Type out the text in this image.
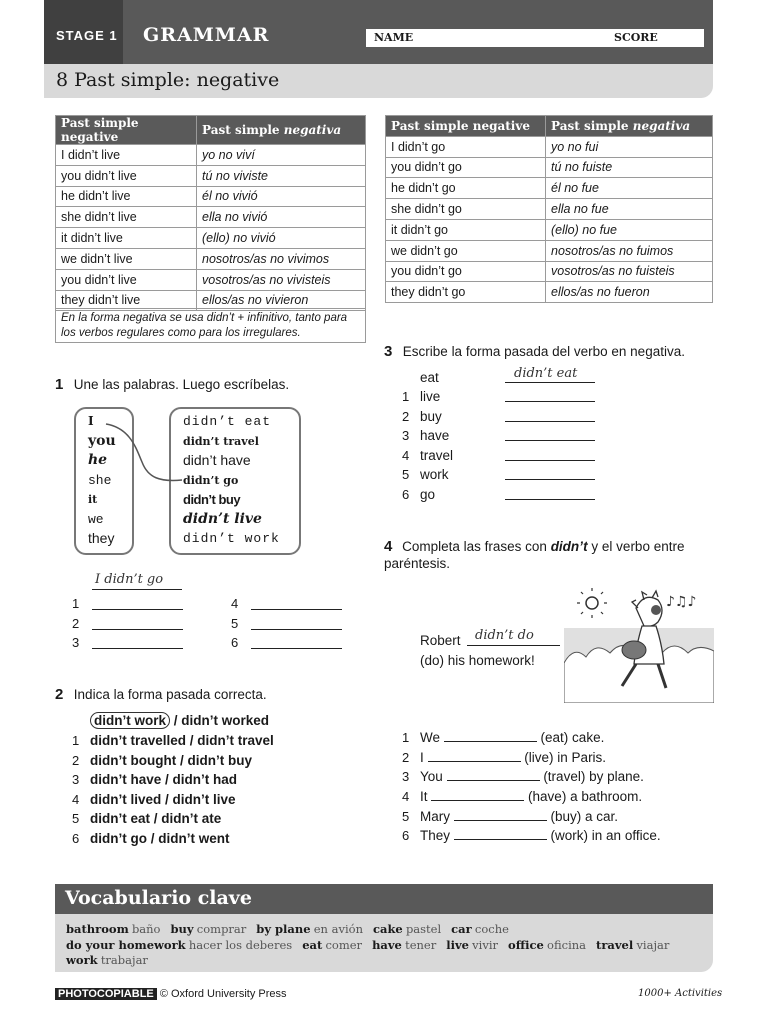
STAGE 1 GRAMMAR	NAME	SCORE
8 Past simple: negative
Past simple negative	Past simple negativa
I didn’t live	yo no viví
you didn’t live	tú no viviste
he didn’t live	él no vivió
she didn’t live	ella no vivió
it didn’t live	(ello) no vivió
we didn’t live	nosotros/as no vivimos
you didn’t live	vosotros/as no vivisteis
they didn’t live	ellos/as no vivieron
Past simple negative	Past simple negativa
I didn’t go	yo no fui
you didn’t go	tú no fuiste
he didn’t go	él no fue
she didn’t go	ella no fue
it didn’t go	(ello) no fue
we didn’t go	nosotros/as no fuimos
you didn’t go	vosotros/as no fuisteis
they didn’t go	ellos/as no fueron
En la forma negativa se usa didn’t + infinitivo, tanto para los verbos regulares como para los irregulares.
1 Une las palabras. Luego escríbelas.
I
you
he
she
it
we
they
didn’t eat
didn’t travel
didn’t have
didn’t go
didn’t buy
didn’t live
didn’t work
I didn’t go
1
2
3
4
5
6
2 Indica la forma pasada correcta.
didn’t work / didn’t worked
1 didn’t travelled / didn’t travel
2 didn’t bought / didn’t buy
3 didn’t have / didn’t had
4 didn’t lived / didn’t live
5 didn’t eat / didn’t ate
6 didn’t go / didn’t went
3 Escribe la forma pasada del verbo en negativa.
eat	didn’t eat
1 live
2 buy
3 have
4 travel
5 work
6 go
4 Completa las frases con didn’t y el verbo entre paréntesis.
Robert didn’t do
(do) his homework!
♪♫♪
1 We	(eat) cake.
2 I	(live) in Paris.
3 You	(travel) by plane.
4 It	(have) a bathroom.
5 Mary	(buy) a car.
6 They	(work) in an office.
Vocabulario clave
bathroom baño buy comprar by plane en avión cake pastel car coche
do your homework hacer los deberes eat comer have tener live vivir office oficina travel viajar
work trabajar
PHOTOCOPIABLE © Oxford University Press	1000+ Activities
